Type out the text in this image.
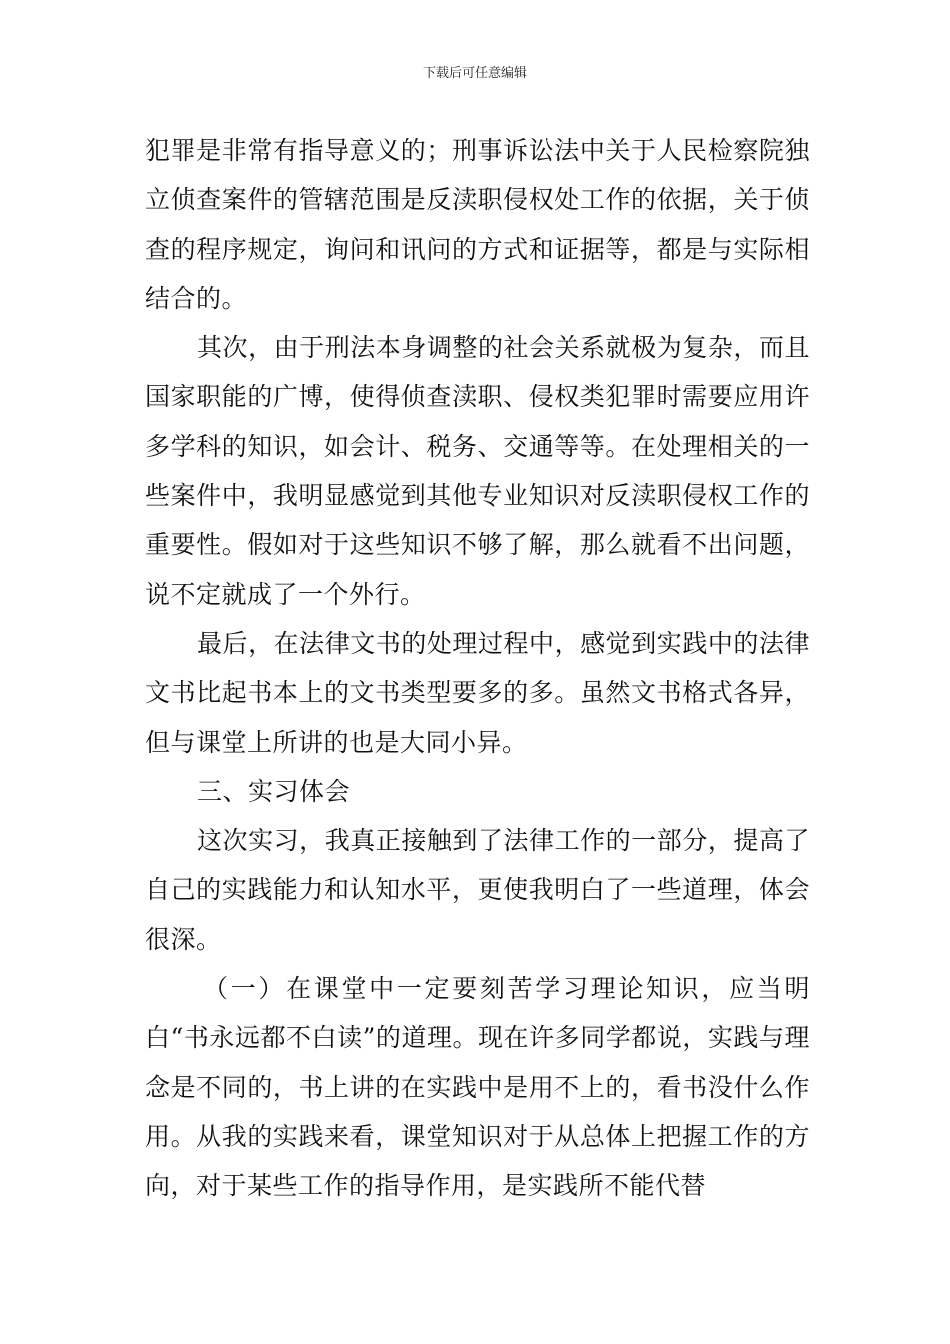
下载后可任意编辑

犯罪是非常有指导意义的；刑事诉讼法中关于人民检察院独立侦查案件的管辖范围是反渎职侵权处工作的依据，关于侦查的程序规定，询问和讯问的方式和证据等，都是与实际相结合的。

其次，由于刑法本身调整的社会关系就极为复杂，而且国家职能的广博，使得侦查渎职、侵权类犯罪时需要应用许多学科的知识，如会计、税务、交通等等。在处理相关的一些案件中，我明显感觉到其他专业知识对反渎职侵权工作的重要性。假如对于这些知识不够了解，那么就看不出问题，说不定就成了一个外行。

最后，在法律文书的处理过程中，感觉到实践中的法律文书比起书本上的文书类型要多的多。虽然文书格式各异，但与课堂上所讲的也是大同小异。

三、实习体会

这次实习，我真正接触到了法律工作的一部分，提高了自己的实践能力和认知水平，更使我明白了一些道理，体会很深。

（一）在课堂中一定要刻苦学习理论知识，应当明白“书永远都不白读”的道理。现在许多同学都说，实践与理念是不同的，书上讲的在实践中是用不上的，看书没什么作用。从我的实践来看，课堂知识对于从总体上把握工作的方向，对于某些工作的指导作用，是实践所不能代替
